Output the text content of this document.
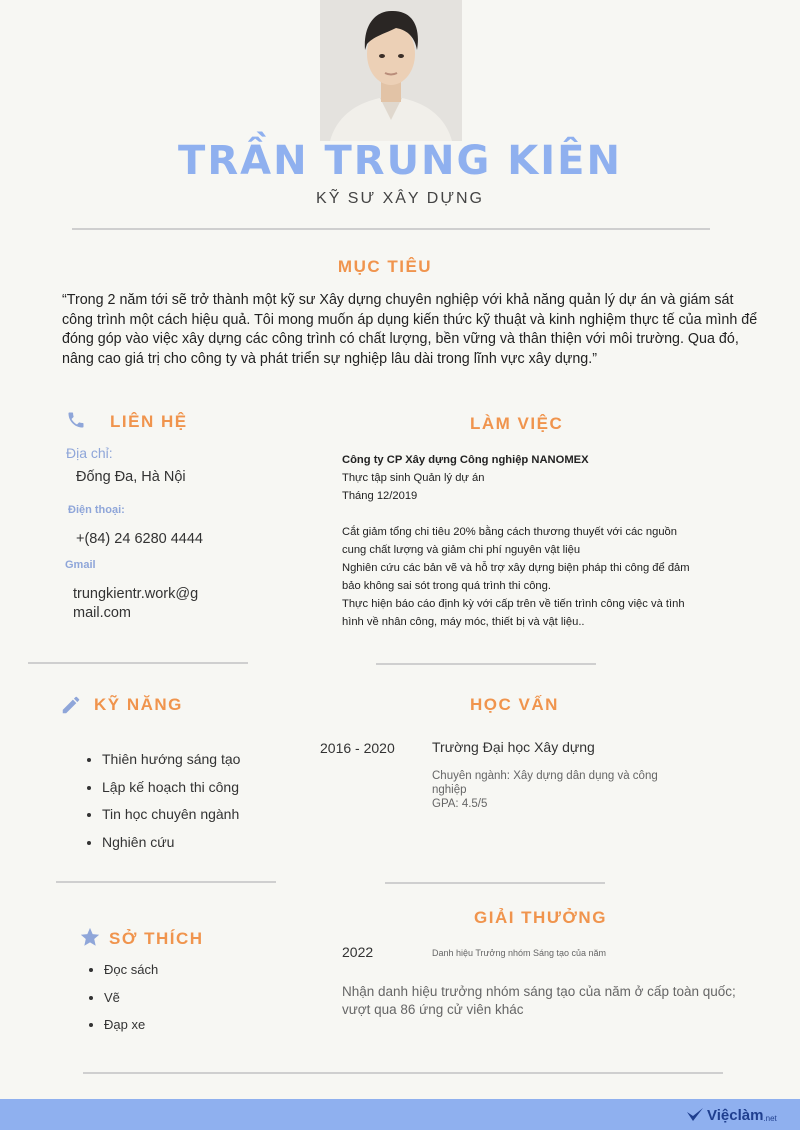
TRẦN TRUNG KIÊN
KỸ SƯ XÂY DỰNG
MỤC TIÊU
“Trong 2 năm tới sẽ trở thành một kỹ sư Xây dựng chuyên nghiệp với khả năng quản lý dự án và giám sát công trình một cách hiệu quả. Tôi mong muốn áp dụng kiến thức kỹ thuật và kinh nghiệm thực tế của mình để đóng góp vào việc xây dựng các công trình có chất lượng, bền vững và thân thiện với môi trường. Qua đó, nâng cao giá trị cho công ty và phát triển sự nghiệp lâu dài trong lĩnh vực xây dựng.”
LIÊN HỆ
Địa chỉ:
Đống Đa, Hà Nội
Điện thoại:
+(84) 24 6280 4444
Gmail
trungkientr.work@g
mail.com
LÀM VIỆC
Công ty CP Xây dựng Công nghiệp NANOMEX
Thực tập sinh Quản lý dự án
Tháng 12/2019
Cắt giảm tổng chi tiêu 20% bằng cách thương thuyết với các nguồn
cung chất lượng và giảm chi phí nguyên vật liệu
Nghiên cứu các bản vẽ và hỗ trợ xây dựng biện pháp thi công để đảm
bảo không sai sót trong quá trình thi công.
Thực hiện báo cáo định kỳ với cấp trên về tiến trình công việc và tình
hình về nhân công, máy móc, thiết bị và vật liệu..
KỸ NĂNG
• Thiên hướng sáng tạo
• Lập kế hoạch thi công
• Tin học chuyên ngành
• Nghiên cứu
HỌC VẤN
2016 - 2020	Trường Đại học Xây dựng
Chuyên ngành: Xây dựng dân dụng và công
nghiệp
GPA: 4.5/5
SỞ THÍCH
• Đọc sách
• Vẽ
• Đạp xe
GIẢI THƯỞNG
2022	Danh hiệu Trưởng nhóm Sáng tạo của năm
Nhận danh hiệu trưởng nhóm sáng tạo của năm ở cấp toàn quốc;
vượt qua 86 ứng cử viên khác
Việclàm .net
